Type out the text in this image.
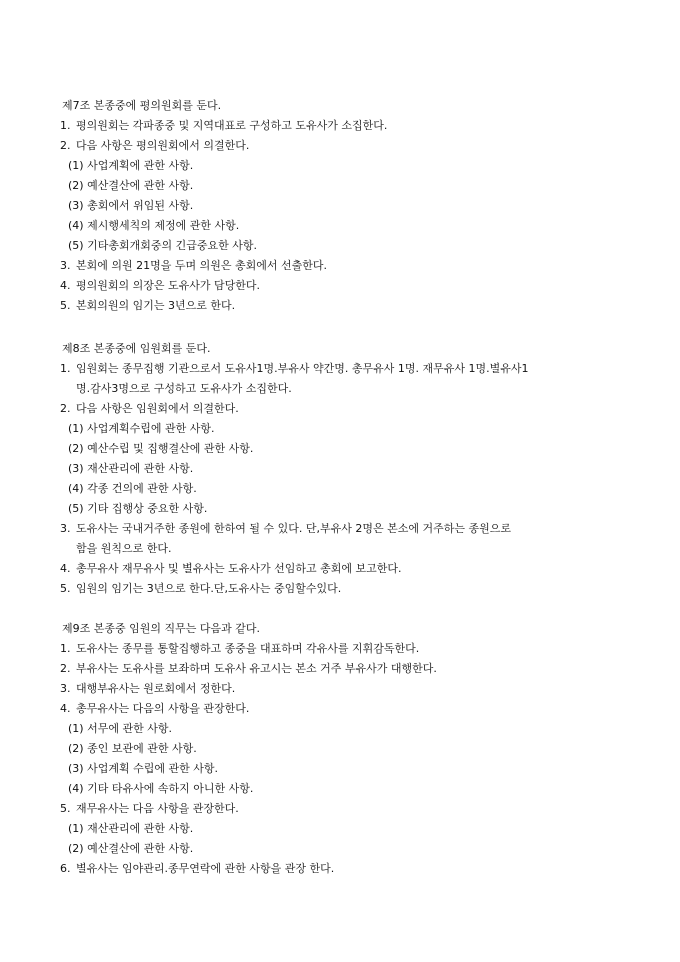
제7조 본종중에 평의원회를 둔다.
1. 평의원회는 각파종중 및 지역대표로 구성하고 도유사가 소집한다.
2. 다음 사항은 평의원회에서 의결한다.
(1) 사업계획에 관한 사항.
(2) 예산결산에 관한 사항.
(3) 총회에서 위임된 사항.
(4) 제시행세칙의 제정에 관한 사항.
(5) 기타총회개회중의 긴급중요한 사항.
3. 본회에 의원 21명을 두며 의원은 총회에서 선출한다.
4. 평의원회의 의장은 도유사가 담당한다.
5. 본회의원의 임기는 3년으로 한다.
제8조 본종중에 임원회를 둔다.
1. 임원회는 종무집행 기관으로서 도유사1명.부유사 약간명. 총무유사 1명. 재무유사 1명.별유사1
명.감사3명으로 구성하고 도유사가 소집한다.
2. 다음 사항은 임원회에서 의결한다.
(1) 사업계획수립에 관한 사항.
(2) 예산수립 및 집행결산에 관한 사항.
(3) 재산관리에 관한 사항.
(4) 각종 건의에 관한 사항.
(5) 기타 집행상 중요한 사항.
3. 도유사는 국내거주한 종원에 한하여 될 수 있다. 단,부유사 2명은 본소에 거주하는 종원으로
함을 원칙으로 한다.
4. 총무유사 재무유사 및 별유사는 도유사가 선임하고 총회에 보고한다.
5. 임원의 임기는 3년으로 한다.단,도유사는 중임할수있다.
제9조 본종중 임원의 직무는 다음과 같다.
1. 도유사는 종무를 통할집행하고 종중을 대표하며 각유사를 지휘감독한다.
2. 부유사는 도유사를 보좌하며 도유사 유고시는 본소 거주 부유사가 대행한다.
3. 대행부유사는 원로회에서 정한다.
4. 총무유사는 다음의 사항을 관장한다.
(1) 서무에 관한 사항.
(2) 종인 보관에 관한 사항.
(3) 사업계획 수립에 관한 사항.
(4) 기타 타유사에 속하지 아니한 사항.
5. 재무유사는 다음 사항을 관장한다.
(1) 재산관리에 관한 사항.
(2) 예산결산에 관한 사항.
6. 별유사는 임야관리.종무연락에 관한 사항을 관장 한다.
